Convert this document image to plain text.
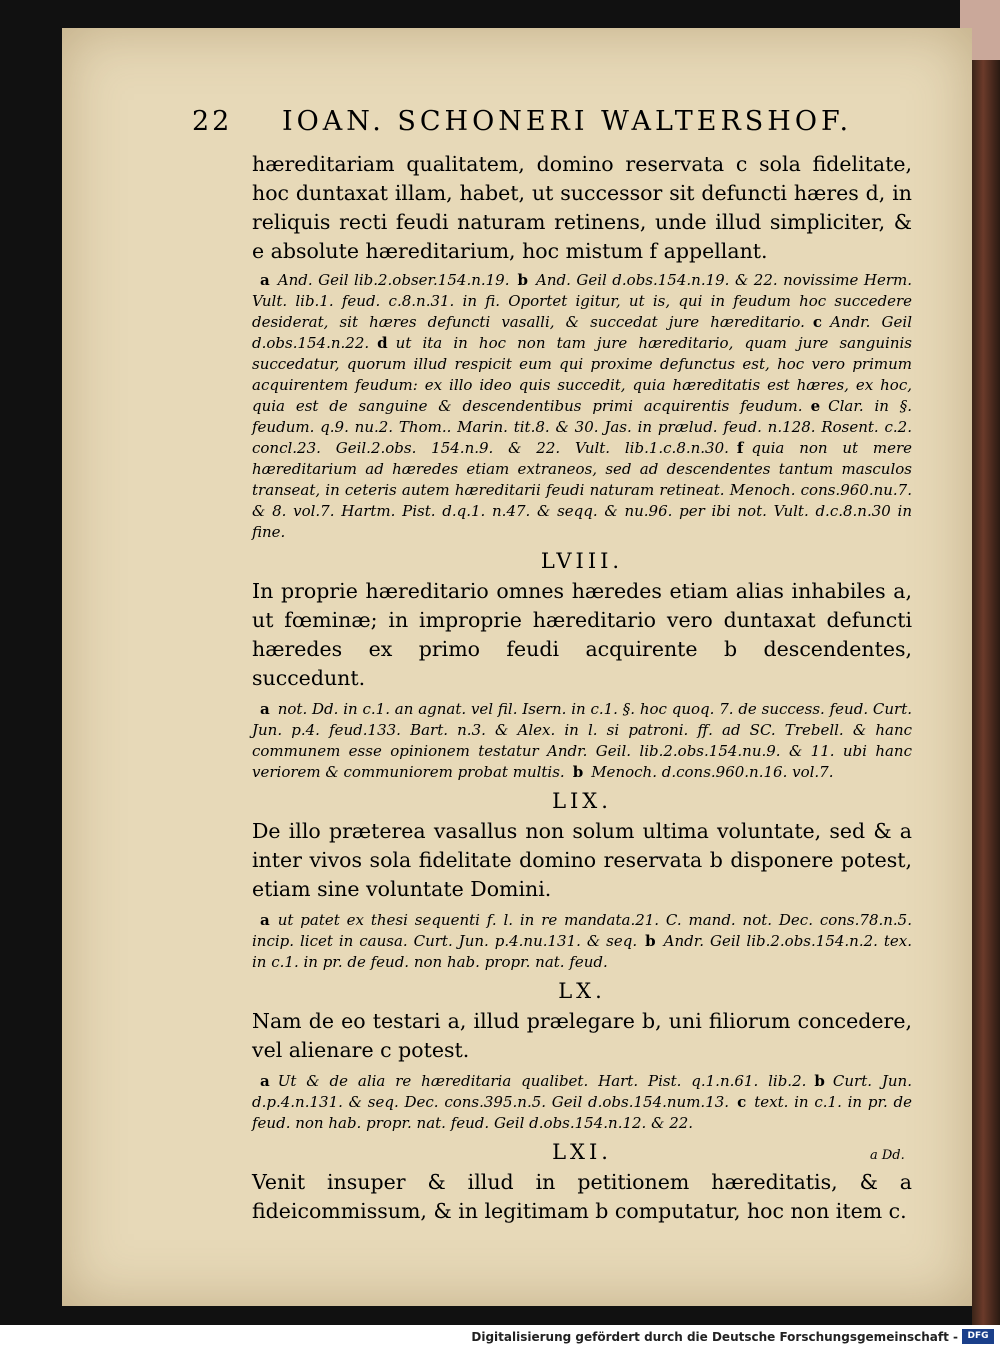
22 IOAN. SCHONERI WALTERSHOF.

hæreditariam qualitatem, domino reservata c sola fidelitate, hoc duntaxat illam, habet, ut successor sit defuncti hæres d, in reliquis recti feudi naturam retinens, unde illud simpliciter, & e absolute hæreditarium, hoc mistum f appellant.

a And. Geil lib.2.obser.154.n.19. b And. Geil d.obs.154.n.19. & 22. novissime Herm. Vult. lib.1. feud. c.8.n.31. in fi. Oportet igitur, ut is, qui in feudum hoc succedere desiderat, sit hæres defuncti vasalli, & succedat jure hæreditario. c Andr. Geil d.obs.154.n.22. d ut ita in hoc non tam jure hæreditario, quam jure sanguinis succedatur, quorum illud respicit eum qui proxime defunctus est, hoc vero primum acquirentem feudum: ex illo ideo quis succedit, quia hæreditatis est hæres, ex hoc, quia est de sanguine & descendentibus primi acquirentis feudum. e Clar. in §. feudum. q.9. nu.2. Thom.. Marin. tit.8. & 30. Jas. in prælud. feud. n.128. Rosent. c.2. concl.23. Geil.2.obs. 154.n.9. & 22. Vult. lib.1.c.8.n.30. f quia non ut mere hæreditarium ad hæredes etiam extraneos, sed ad descendentes tantum masculos transeat, in ceteris autem hæreditarii feudi naturam retineat. Menoch. cons.960.nu.7. & 8. vol.7. Hartm. Pist. d.q.1. n.47. & seqq. & nu.96. per ibi not. Vult. d.c.8.n.30 in fine.

LVIII.

In proprie hæreditario omnes hæredes etiam alias inhabiles a, ut fœminæ; in improprie hæreditario vero duntaxat defuncti hæredes ex primo feudi acquirente b descendentes, succedunt.

a not. Dd. in c.1. an agnat. vel fil. Isern. in c.1. §. hoc quoq. 7. de success. feud. Curt. Jun. p.4. feud.133. Bart. n.3. & Alex. in l. si patroni. ff. ad SC. Trebell. & hanc communem esse opinionem testatur Andr. Geil. lib.2.obs.154.nu.9. & 11. ubi hanc veriorem & communiorem probat multis. b Menoch. d.cons.960.n.16. vol.7.

LIX.

De illo præterea vasallus non solum ultima voluntate, sed & a inter vivos sola fidelitate domino reservata b disponere potest, etiam sine voluntate Domini.

a ut patet ex thesi sequenti f. l. in re mandata.21. C. mand. not. Dec. cons.78.n.5. incip. licet in causa. Curt. Jun. p.4.nu.131. & seq. b Andr. Geil lib.2.obs.154.n.2. tex. in c.1. in pr. de feud. non hab. propr. nat. feud.

LX.

Nam de eo testari a, illud prælegare b, uni filiorum concedere, vel alienare c potest.

a Ut & de alia re hæreditaria qualibet. Hart. Pist. q.1.n.61. lib.2. b Curt. Jun. d.p.4.n.131. & seq. Dec. cons.395.n.5. Geil d.obs.154.num.13. c text. in c.1. in pr. de feud. non hab. propr. nat. feud. Geil d.obs.154.n.12. & 22.

LXI.

Venit insuper & illud in petitionem hæreditatis, & a fideicommissum, & in legitimam b computatur, hoc non item c.

a Dd.
Digitalisierung gefördert durch die Deutsche Forschungsgemeinschaft -	DFG
